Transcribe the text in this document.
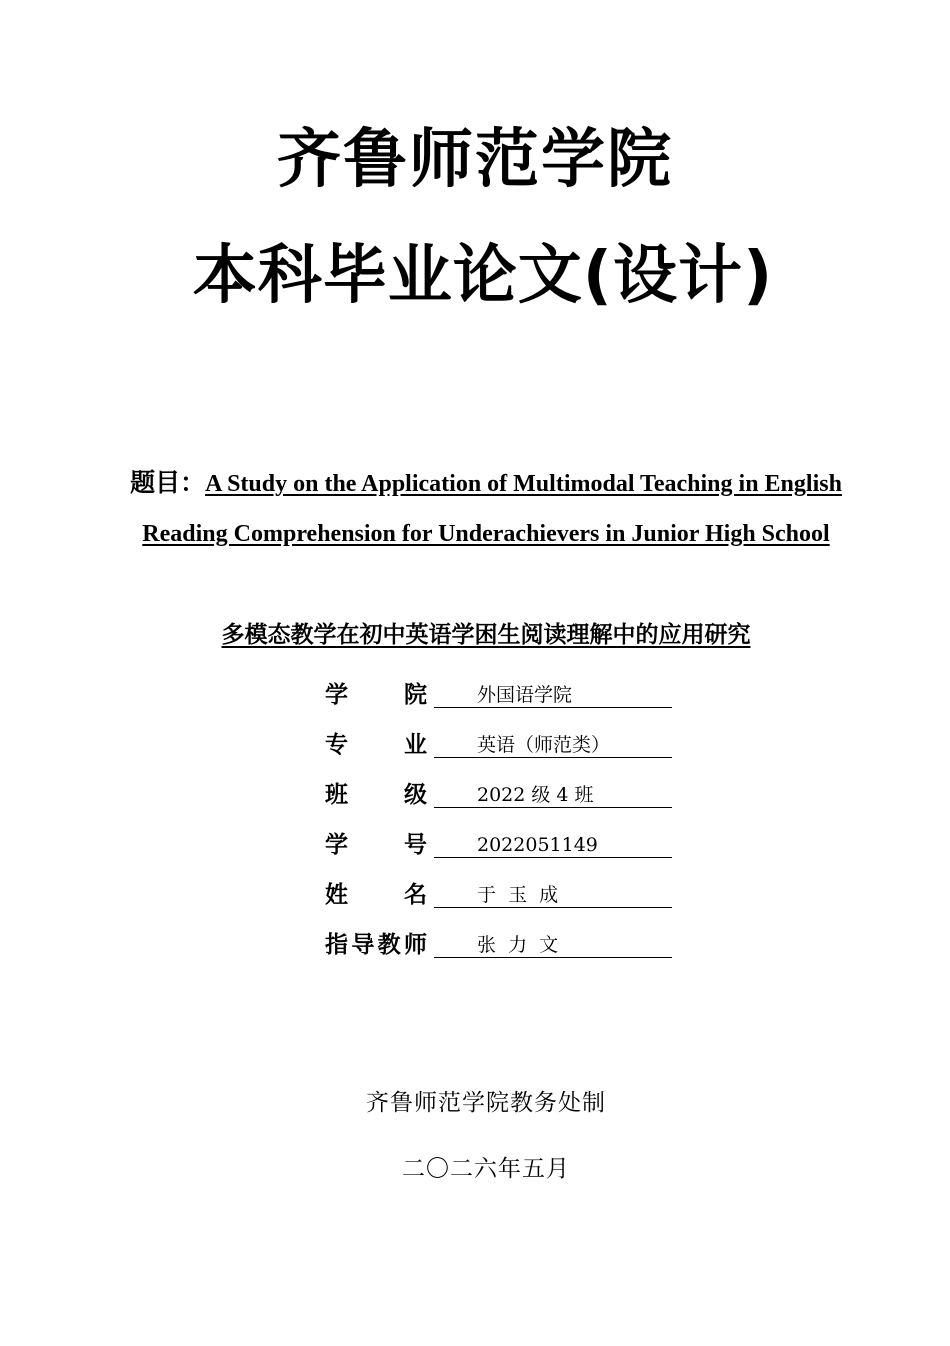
齐鲁师范学院
本科毕业论文(设计)
题目：A Study on the Application of Multimodal Teaching in English Reading Comprehension for Underachievers in Junior High School
多模态教学在初中英语学困生阅读理解中的应用研究
学院	外国语学院
专业	英语（师范类）
班级	2022 级 4 班
学号	2022051149
姓名	于  玉  成
指导教师	张  力  文
齐鲁师范学院教务处制
二〇二六年五月
